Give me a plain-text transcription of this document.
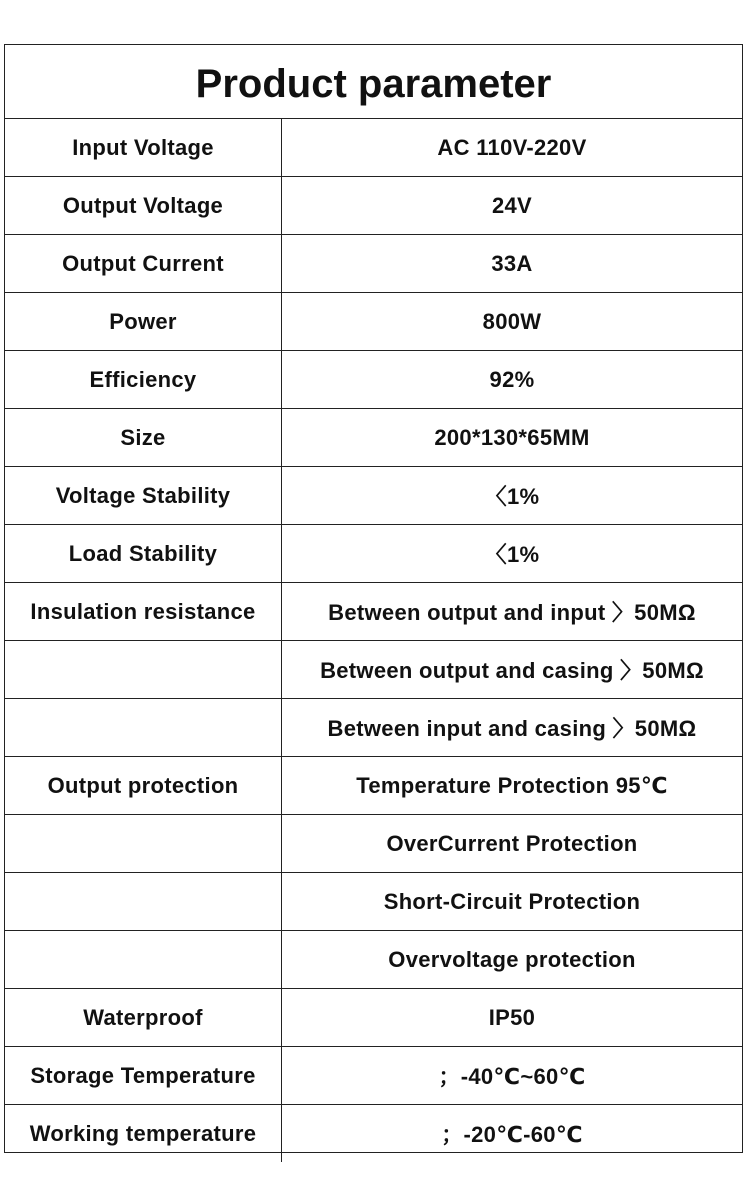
Product parameter
Input Voltage	AC 110V-220V
Output Voltage	24V
Output Current	33A
Power	800W
Efficiency	92%
Size	200*130*65MM
Voltage Stability	〈1%
Load Stability	〈1%
Insulation resistance	Between output and input 〉50MΩ
	Between output and casing 〉50MΩ
	Between input and casing 〉50MΩ
Output protection	Temperature Protection 95℃
	OverCurrent Protection
	Short-Circuit Protection
	Overvoltage protection
Waterproof	IP50
Storage Temperature	；-40℃~60℃
Working temperature	；-20℃-60℃
